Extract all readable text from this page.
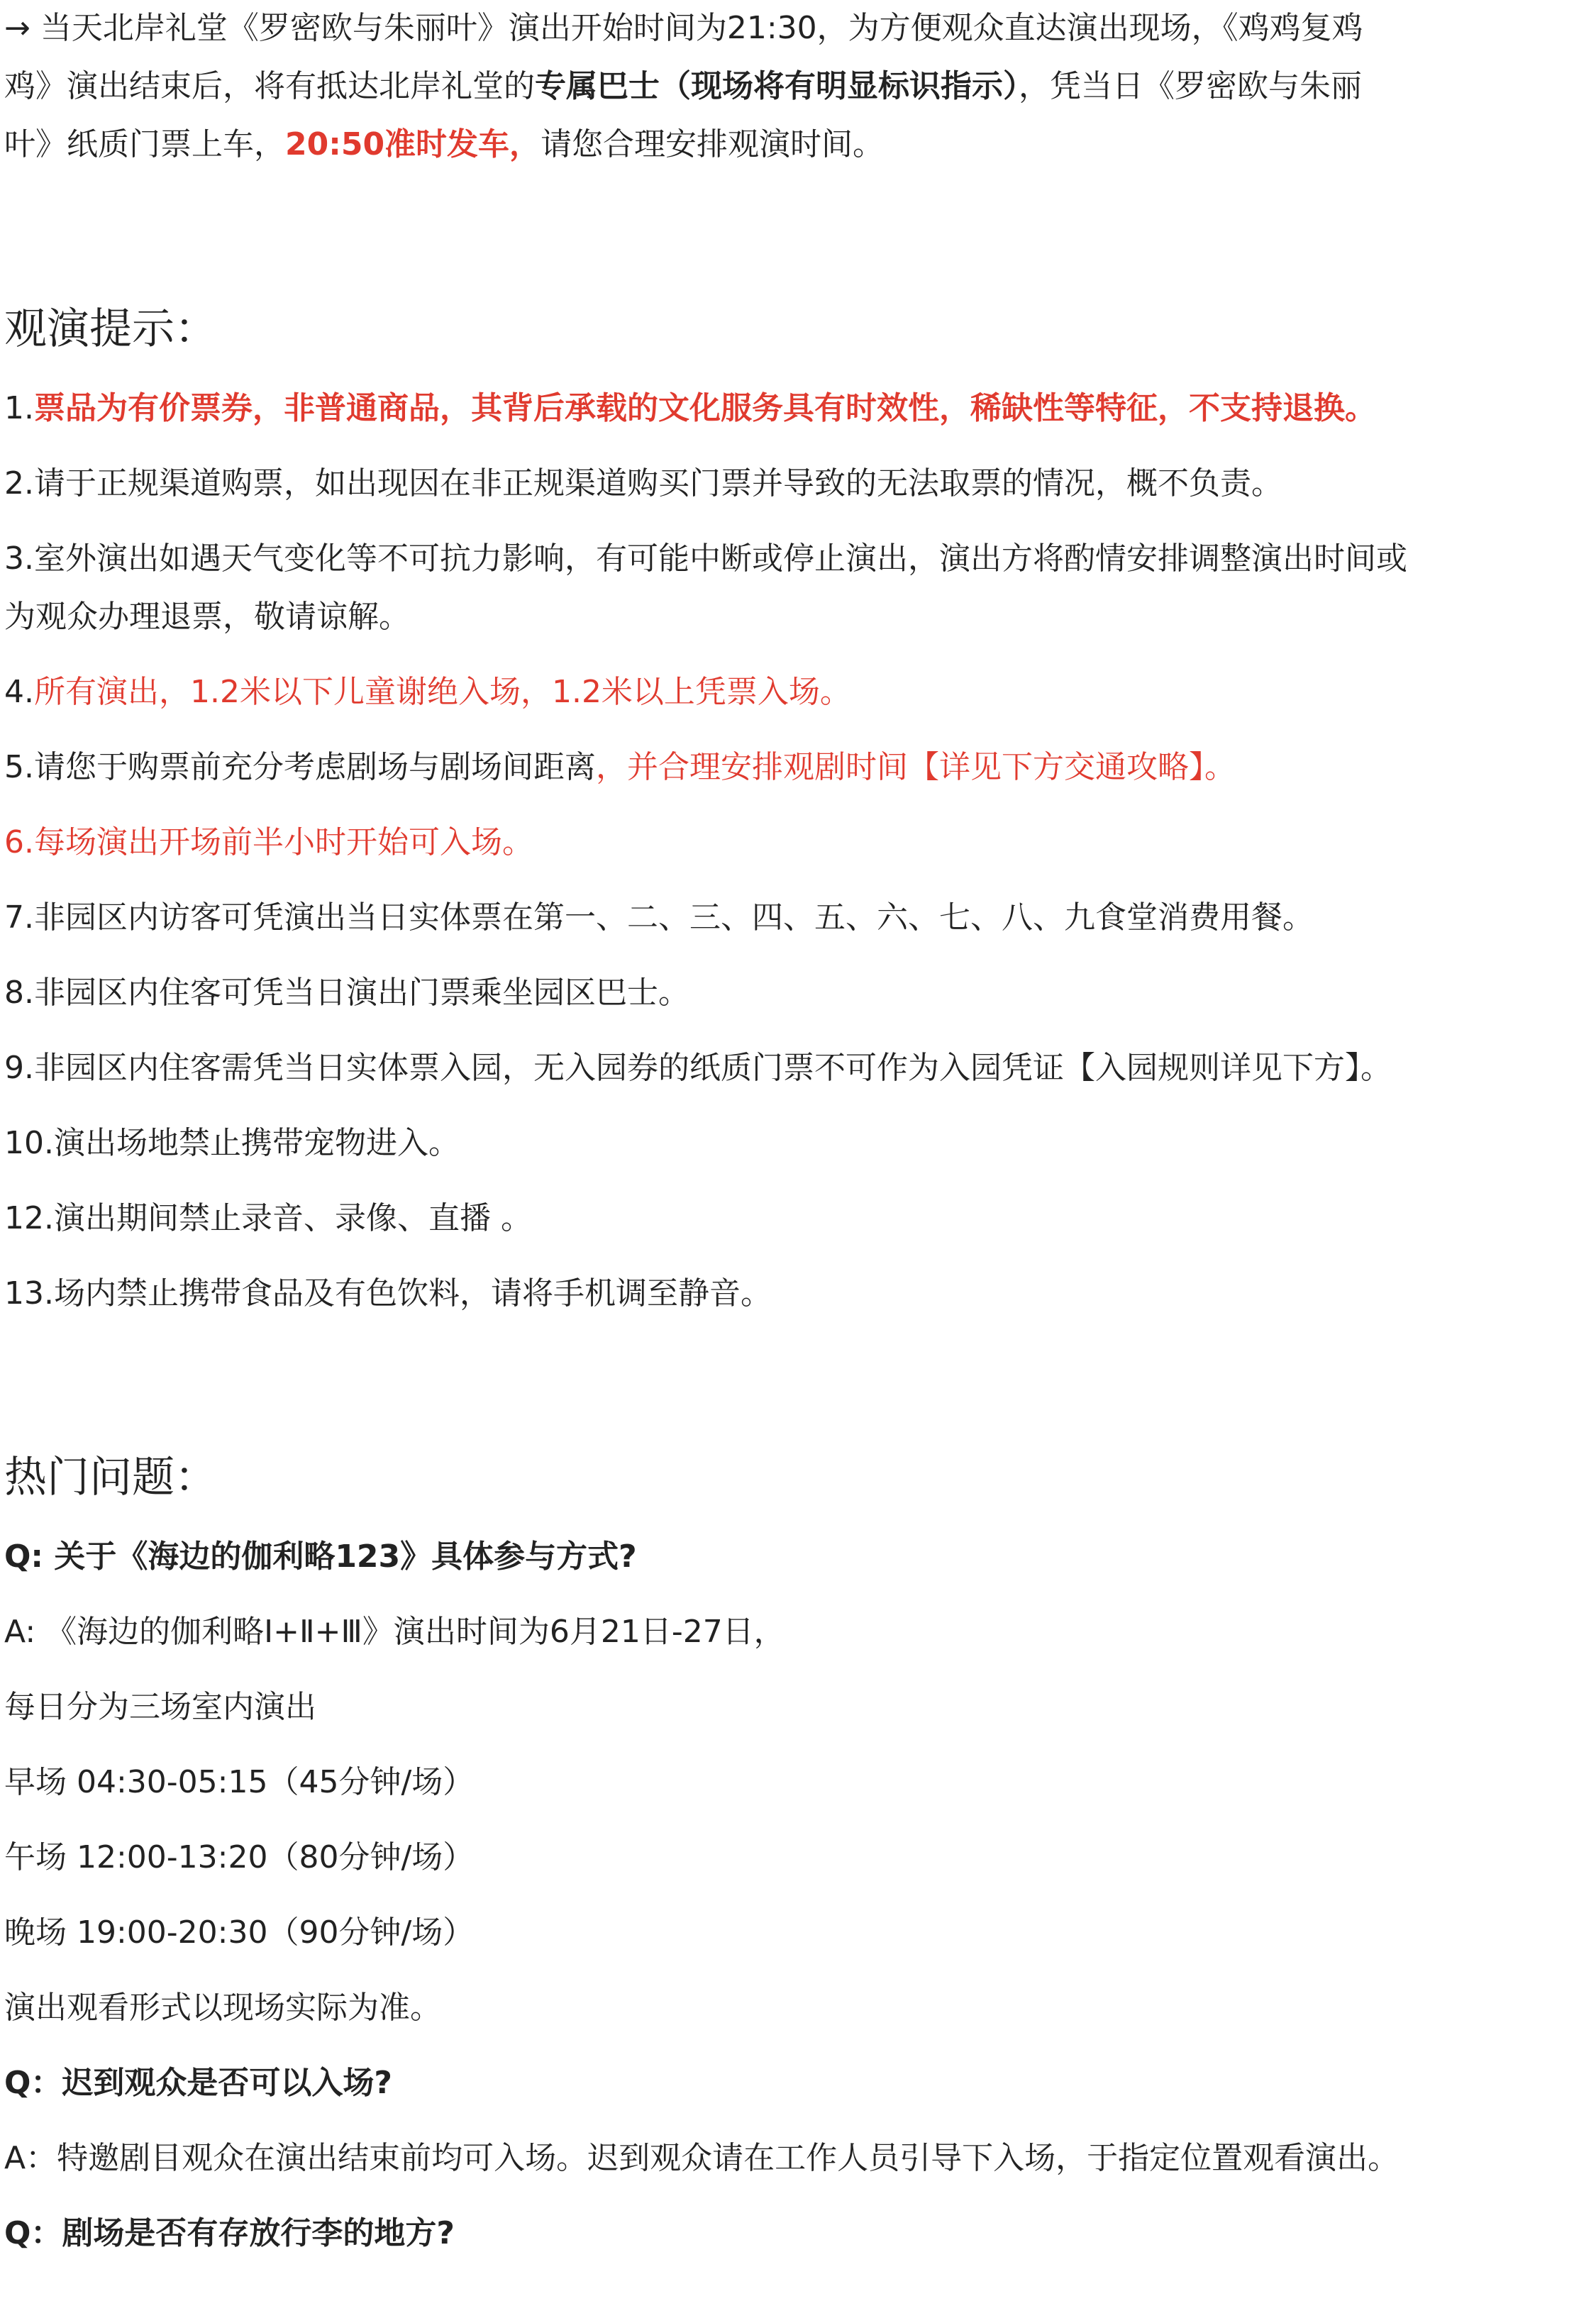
→ 当天北岸礼堂《罗密欧与朱丽叶》演出开始时间为21:30，为方便观众直达演出现场，《鸡鸡复鸡

鸡》演出结束后，将有抵达北岸礼堂的专属巴士（现场将有明显标识指示），凭当日《罗密欧与朱丽

叶》纸质门票上车，20:50准时发车，请您合理安排观演时间。

观演提示：

1.票品为有价票券，非普通商品，其背后承载的文化服务具有时效性，稀缺性等特征，不支持退换。

2.请于正规渠道购票，如出现因在非正规渠道购买门票并导致的无法取票的情况，概不负责。

3.室外演出如遇天气变化等不可抗力影响，有可能中断或停止演出，演出方将酌情安排调整演出时间或

为观众办理退票，敬请谅解。

4.所有演出，1.2米以下儿童谢绝入场，1.2米以上凭票入场。

5.请您于购票前充分考虑剧场与剧场间距离，并合理安排观剧时间【详见下方交通攻略】。

6.每场演出开场前半小时开始可入场。

7.非园区内访客可凭演出当日实体票在第一、二、三、四、五、六、七、八、九食堂消费用餐。

8.非园区内住客可凭当日演出门票乘坐园区巴士。

9.非园区内住客需凭当日实体票入园，无入园券的纸质门票不可作为入园凭证【入园规则详见下方】。

10.演出场地禁止携带宠物进入。

12.演出期间禁止录音、录像、直播 。

13.场内禁止携带食品及有色饮料，请将手机调至静音。

热门问题：

Q: 关于《海边的伽利略123》具体参与方式?

A: 《海边的伽利略Ⅰ+Ⅱ+Ⅲ》演出时间为6月21日-27日，

每日分为三场室内演出

早场 04:30-05:15（45分钟/场）

午场 12:00-13:20（80分钟/场）

晚场 19:00-20:30（90分钟/场）

演出观看形式以现场实际为准。

Q：迟到观众是否可以入场?

A：特邀剧目观众在演出结束前均可入场。迟到观众请在工作人员引导下入场，于指定位置观看演出。

Q：剧场是否有存放行李的地方?
